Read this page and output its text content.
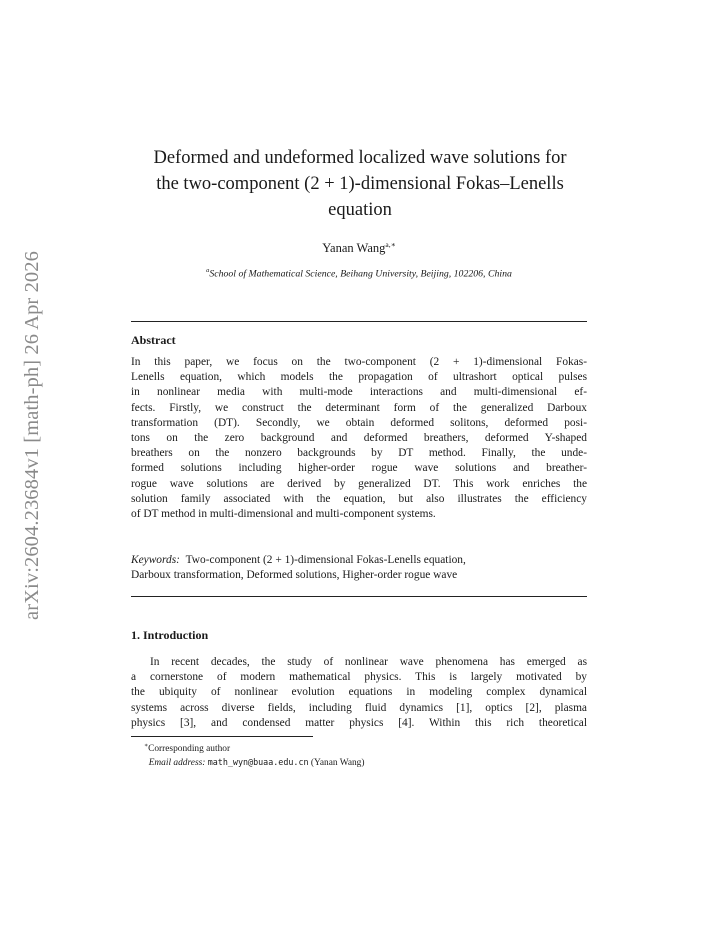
arXiv:2604.23684v1 [math-ph] 26 Apr 2026
Deformed and undeformed localized wave solutions for
the two-component (2 + 1)-dimensional Fokas–Lenells
equation
Yanan Wang$^{a,∗}$
$^a$School of Mathematical Science, Beihang University, Beijing, 102206, China
Abstract
In this paper, we focus on the two-component (2 + 1)-dimensional Fokas-
Lenells equation, which models the propagation of ultrashort optical pulses
in nonlinear media with multi-mode interactions and multi-dimensional ef-
fects. Firstly, we construct the determinant form of the generalized Darboux
transformation (DT). Secondly, we obtain deformed solitons, deformed posi-
tons on the zero background and deformed breathers, deformed Y-shaped
breathers on the nonzero backgrounds by DT method. Finally, the unde-
formed solutions including higher-order rogue wave solutions and breather-
rogue wave solutions are derived by generalized DT. This work enriches the
solution family associated with the equation, but also illustrates the efficiency
of DT method in multi-dimensional and multi-component systems.
Keywords: Two-component (2 + 1)-dimensional Fokas-Lenells equation,
Darboux transformation, Deformed solutions, Higher-order rogue wave
1. Introduction
In recent decades, the study of nonlinear wave phenomena has emerged as
a cornerstone of modern mathematical physics. This is largely motivated by
the ubiquity of nonlinear evolution equations in modeling complex dynamical
systems across diverse fields, including fluid dynamics [1], optics [2], plasma
physics [3], and condensed matter physics [4]. Within this rich theoretical
∗Corresponding author
Email address: math_wyn@buaa.edu.cn (Yanan Wang)
